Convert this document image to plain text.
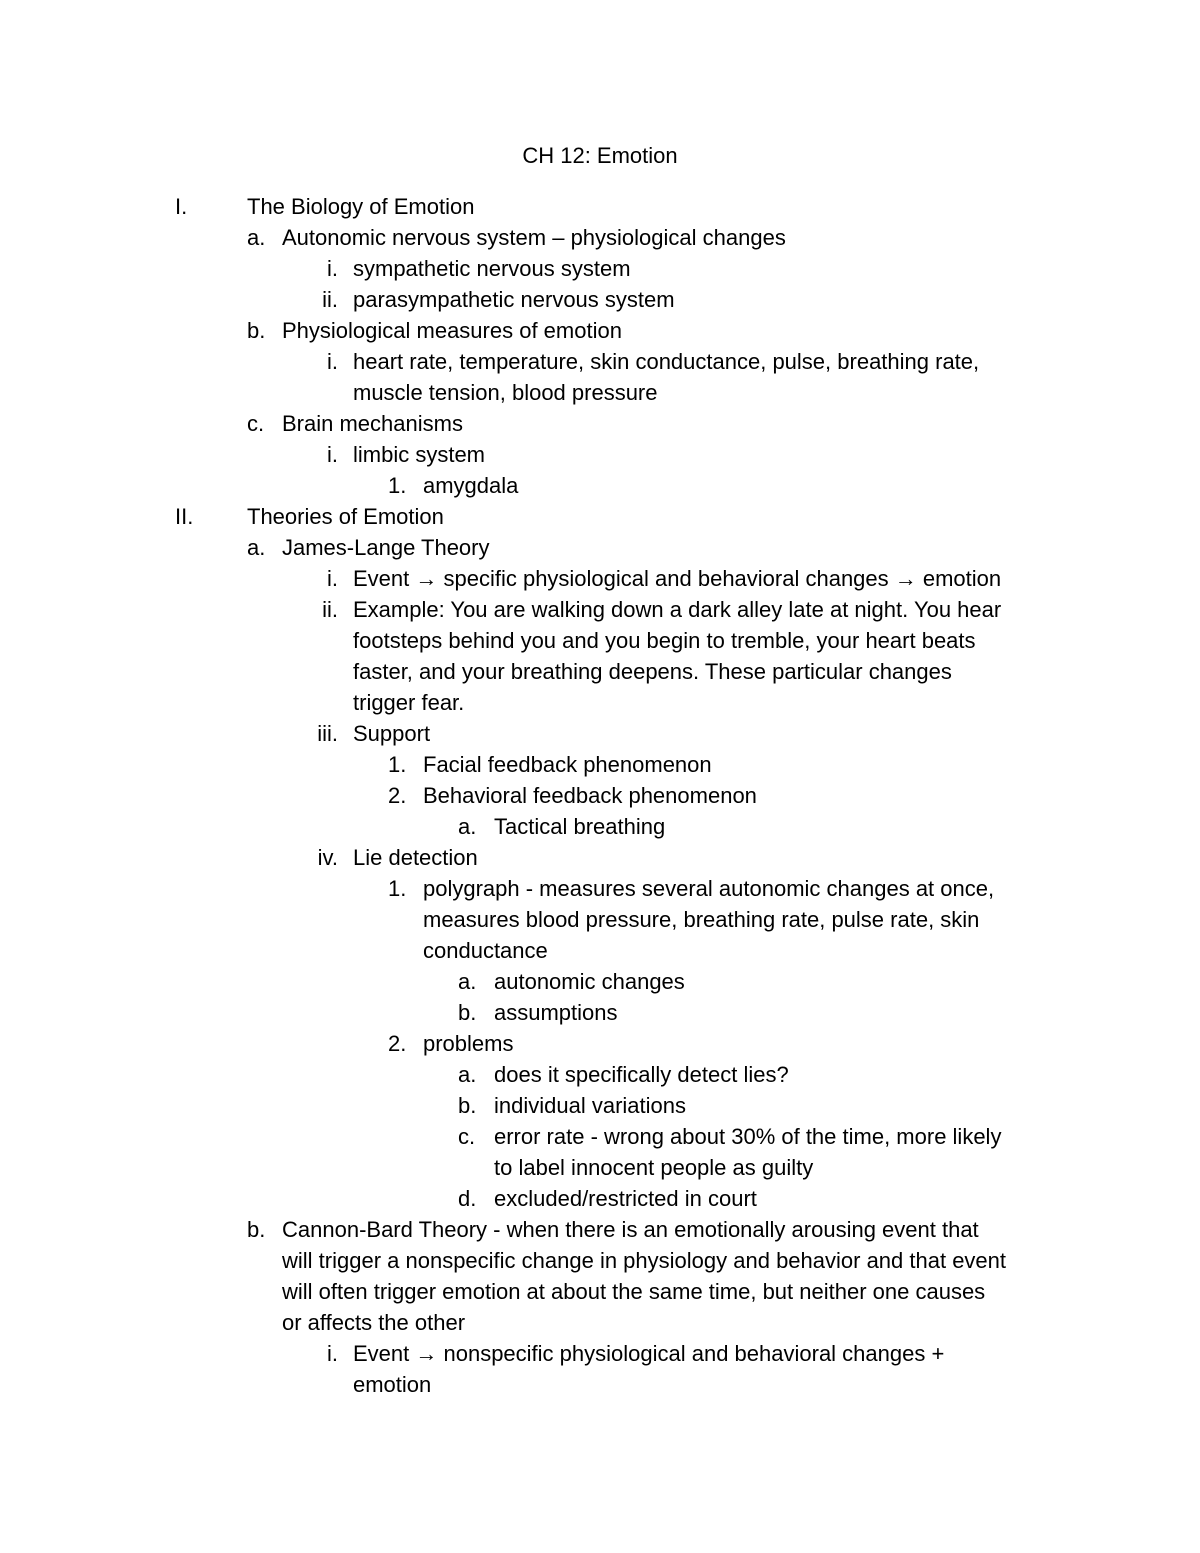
CH 12: Emotion
I.	The Biology of Emotion
a. Autonomic nervous system – physiological changes
i. sympathetic nervous system
ii. parasympathetic nervous system
b. Physiological measures of emotion
i. heart rate, temperature, skin conductance, pulse, breathing rate,
muscle tension, blood pressure
c. Brain mechanisms
i. limbic system
1. amygdala
II. Theories of Emotion
a. James-Lange Theory
i. Event → specific physiological and behavioral changes → emotion
ii. Example: You are walking down a dark alley late at night. You hear
footsteps behind you and you begin to tremble, your heart beats
faster, and your breathing deepens. These particular changes
trigger fear.
iii. Support
1. Facial feedback phenomenon
2. Behavioral feedback phenomenon
a. Tactical breathing
iv. Lie detection
1. polygraph - measures several autonomic changes at once,
measures blood pressure, breathing rate, pulse rate, skin
conductance
a. autonomic changes
b. assumptions
2. problems
a. does it specifically detect lies?
b. individual variations
c. error rate - wrong about 30% of the time, more likely
to label innocent people as guilty
d. excluded/restricted in court
b. Cannon-Bard Theory - when there is an emotionally arousing event that
will trigger a nonspecific change in physiology and behavior and that event
will often trigger emotion at about the same time, but neither one causes
or affects the other
i. Event → nonspecific physiological and behavioral changes +
emotion
